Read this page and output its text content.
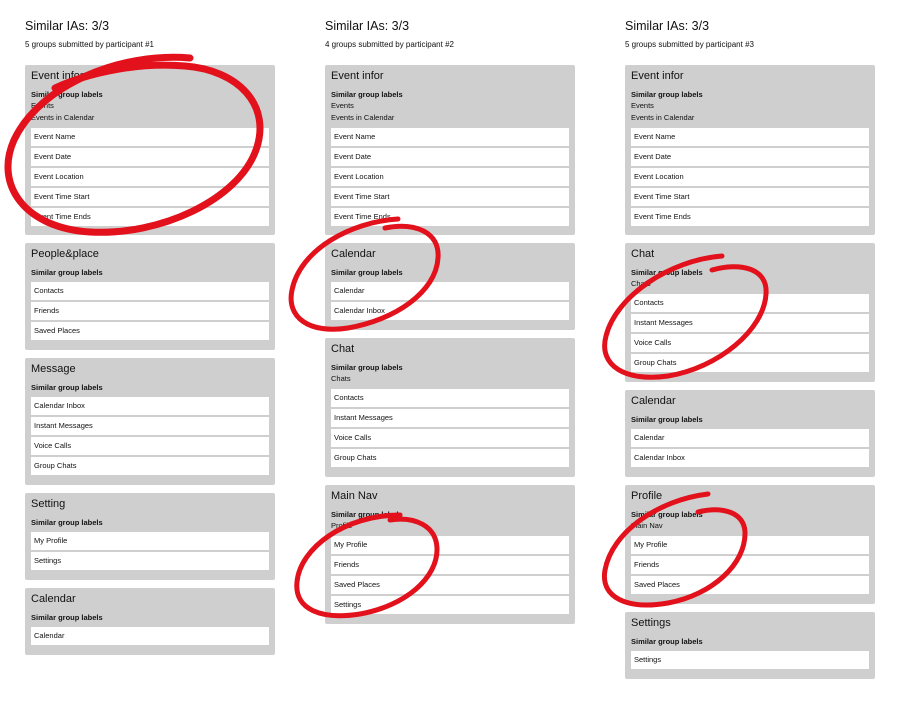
Similar IAs: 3/3
5 groups submitted by participant #1
Event infor
Similar group labels
Events
Events in Calendar
Event Name
Event Date
Event Location
Event Time Start
Event Time Ends
People&place
Similar group labels
Contacts
Friends
Saved Places
Message
Similar group labels
Calendar Inbox
Instant Messages
Voice Calls
Group Chats
Setting
Similar group labels
My Profile
Settings
Calendar
Similar group labels
Calendar
Similar IAs: 3/3
4 groups submitted by participant #2
Event infor
Similar group labels
Events
Events in Calendar
Event Name
Event Date
Event Location
Event Time Start
Event Time Ends
Calendar
Similar group labels
Calendar
Calendar Inbox
Chat
Similar group labels
Chats
Contacts
Instant Messages
Voice Calls
Group Chats
Main Nav
Similar group labels
Profile
My Profile
Friends
Saved Places
Settings
Similar IAs: 3/3
5 groups submitted by participant #3
Event infor
Similar group labels
Events
Events in Calendar
Event Name
Event Date
Event Location
Event Time Start
Event Time Ends
Chat
Similar group labels
Chats
Contacts
Instant Messages
Voice Calls
Group Chats
Calendar
Similar group labels
Calendar
Calendar Inbox
Profile
Similar group labels
Main Nav
My Profile
Friends
Saved Places
Settings
Similar group labels
Settings
